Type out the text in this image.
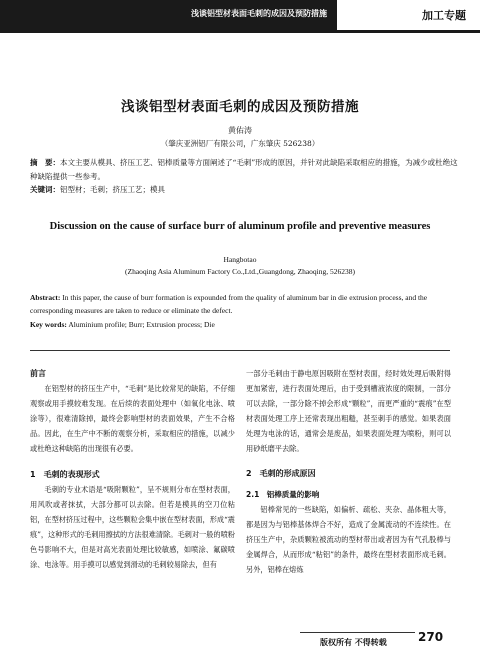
浅谈铝型材表面毛刺的成因及预防措施	加工专题
浅谈铝型材表面毛刺的成因及预防措施
黄佑涛
（肇庆亚洲铝厂有限公司，广东肇庆 526238）
摘　要：本文主要从模具、挤压工艺、铝棒质量等方面阐述了“毛刺”形成的原因，并针对此缺陷采取相应的措施，为减少或杜绝这种缺陷提供一些参考。
关键词：铝型材；毛刺；挤压工艺；模具
Discussion on the cause of surface burr of aluminum profile and preventive measures
Hangbotao
(Zhaoqing Asia Aluminum Factory Co.,Ltd.,Guangdong, Zhaoqing, 526238)
Abstract: In this paper, the cause of burr formation is expounded from the quality of aluminum bar in die extrusion process, and the corresponding measures are taken to reduce or eliminate the defect.
Key words: Aluminium profile; Burr; Extrusion process; Die

前言

在铝型材的挤压生产中，“毛刺”是比较常见的缺陷，不仔细观察或用手摸较难发现。在后续的表面处理中（如氧化电泳、喷涂等），很难清除掉，最终会影响型材的表面效果，产生不合格品。因此，在生产中不断的观察分析，采取相应的措施，以减少或杜绝这种缺陷的出现很有必要。

1　毛刺的表现形式

毛刺的专业术语是“吸附颗粒”，呈不规则分布在型材表面，用风吹或者抹拭，大部分都可以去除。但若是模具的空刀位粘铝，在型材挤压过程中，这些颗粒会集中嵌在型材表面，形成“震痕”，这种形式的毛刺用擦拭的方法很难清除。毛刺对一般的喷粉色号影响不大，但是对高光表面处理比较敏感，如喷涂、氟碳喷涂、电泳等。用手摸可以感觉到滑动的毛刺较易除去，但有

一部分毛刺由于静电原因吸附在型材表面，经时效处理后吸附得更加紧密，进行表面处理后，由于受到槽液浓度的限制，一部分可以去除，一部分除不掉会形成“颗粒”，而更严重的“震痕”在型材表面处理工序上还常表现出粗糙，甚至刺手的感觉。如果表面处理为电泳的话，通常会是废品，如果表面处理为喷粉，则可以用砂纸磨平去除。

2　毛刺的形成原因

2.1　铝棒质量的影响

铝棒常见的一些缺陷，如偏析、疏松、夹杂、晶体粗大等，都是因为与铝棒基体焊合不好，造成了金属流动的不连续性。在挤压生产中，杂质颗粒被流动的型材带出或者因为有气孔股棒与金属焊合，从而形成“粘铝”的条件，最终在型材表面形成毛刺。另外，铝棒在熔炼

版权所有 不得转载	270
